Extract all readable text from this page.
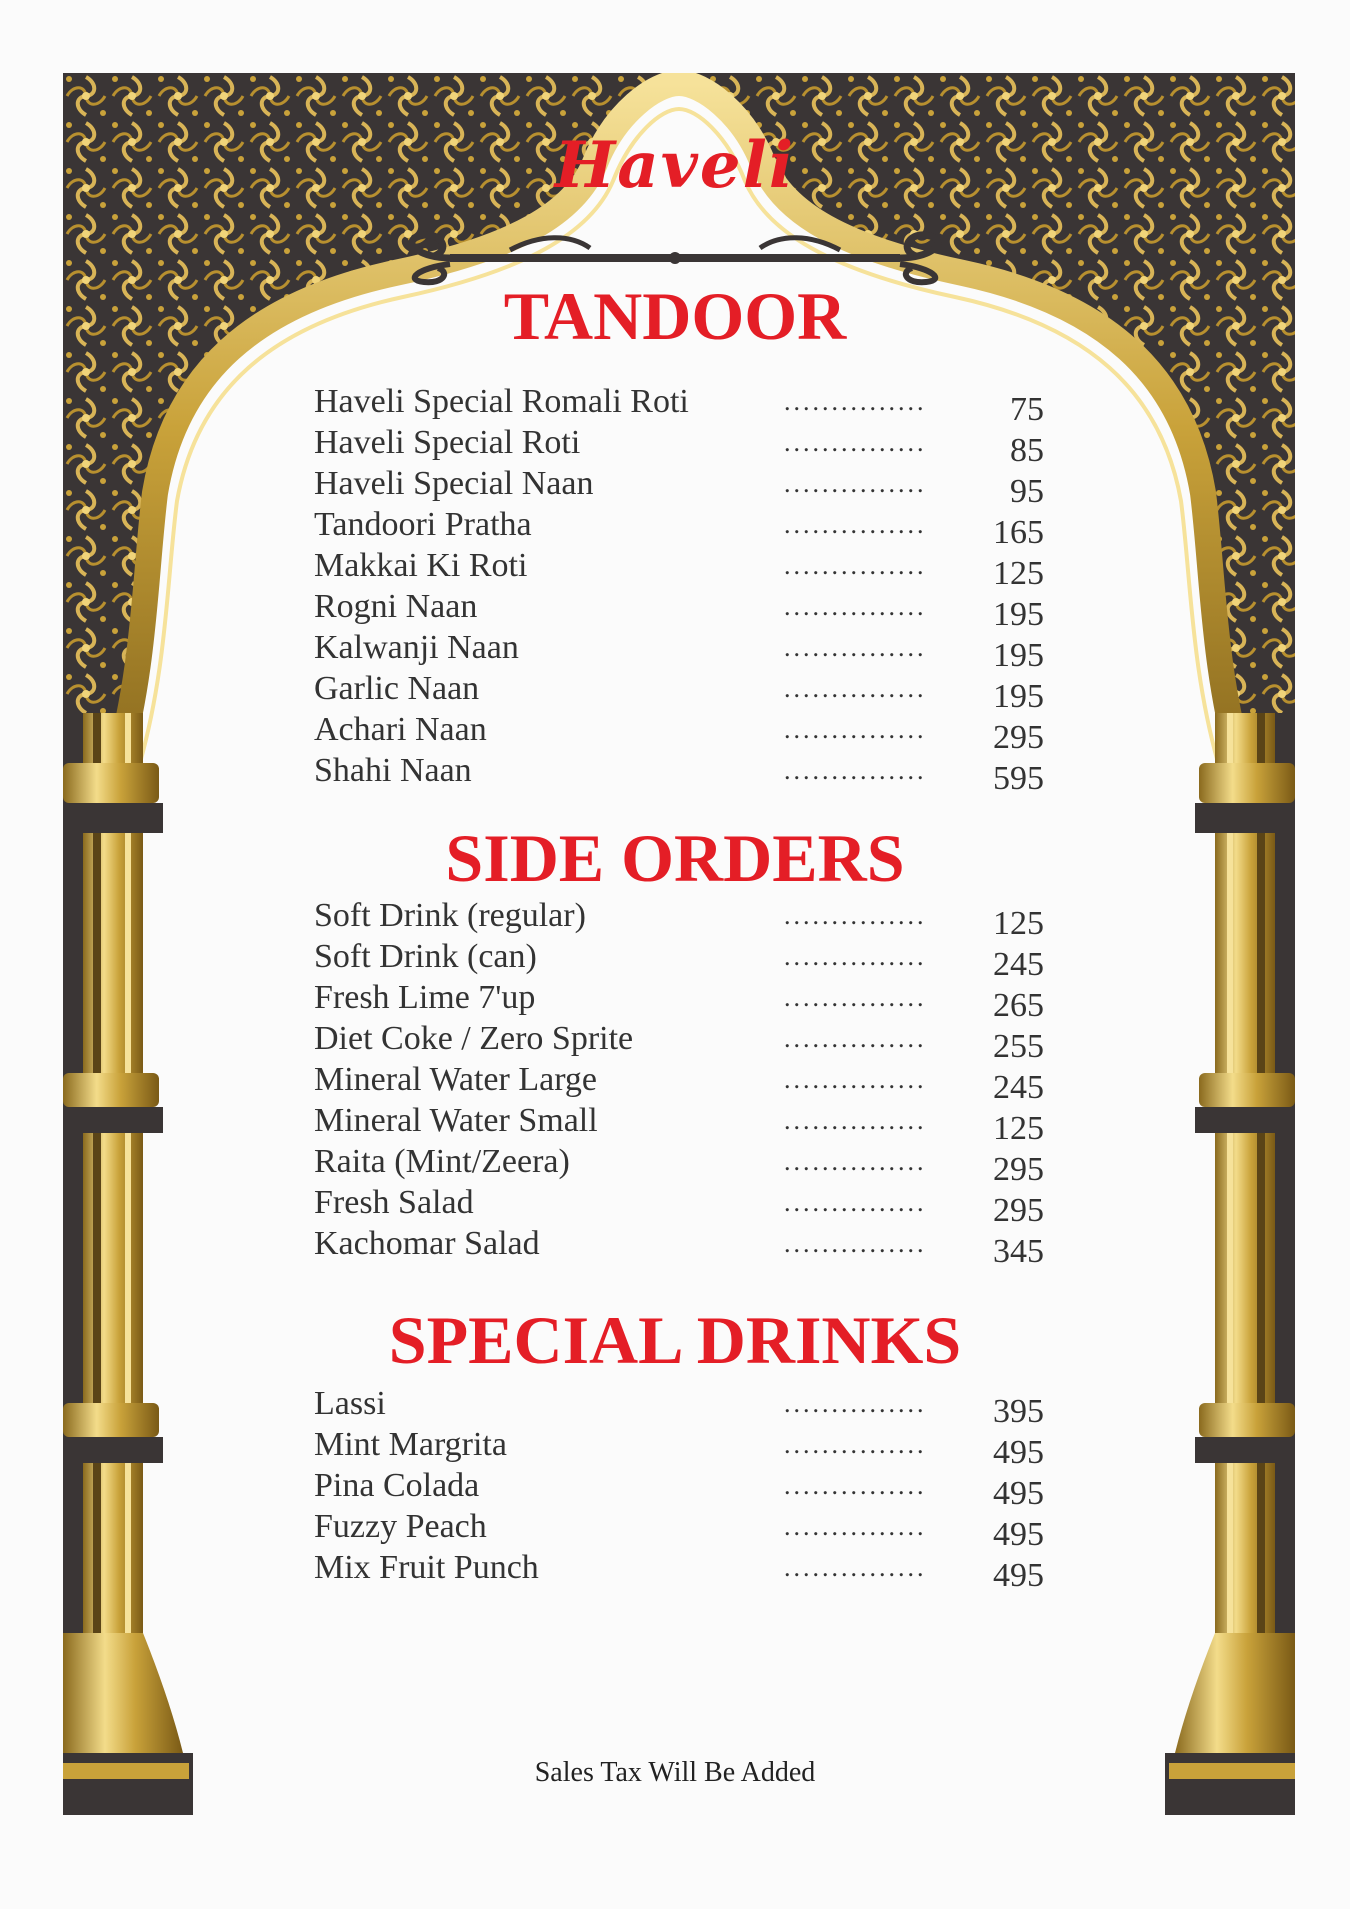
Haveli
TANDOOR
Haveli Special Romali Roti	............... 75
Haveli Special Roti	............... 85
Haveli Special Naan	............... 95
Tandoori Pratha	............... 165
Makkai Ki Roti	............... 125
Rogni Naan	............... 195
Kalwanji Naan	............... 195
Garlic Naan	............... 195
Achari Naan	............... 295
Shahi Naan	............... 595
SIDE ORDERS
Soft Drink (regular)	............... 125
Soft Drink (can)	............... 245
Fresh Lime 7'up	............... 265
Diet Coke / Zero Sprite	............... 255
Mineral Water Large	............... 245
Mineral Water Small	............... 125
Raita (Mint/Zeera)	............... 295
Fresh Salad	............... 295
Kachomar Salad	............... 345
SPECIAL DRINKS
Lassi	............... 395
Mint Margrita	............... 495
Pina Colada	............... 495
Fuzzy Peach	............... 495
Mix Fruit Punch	............... 495
Sales Tax Will Be Added
